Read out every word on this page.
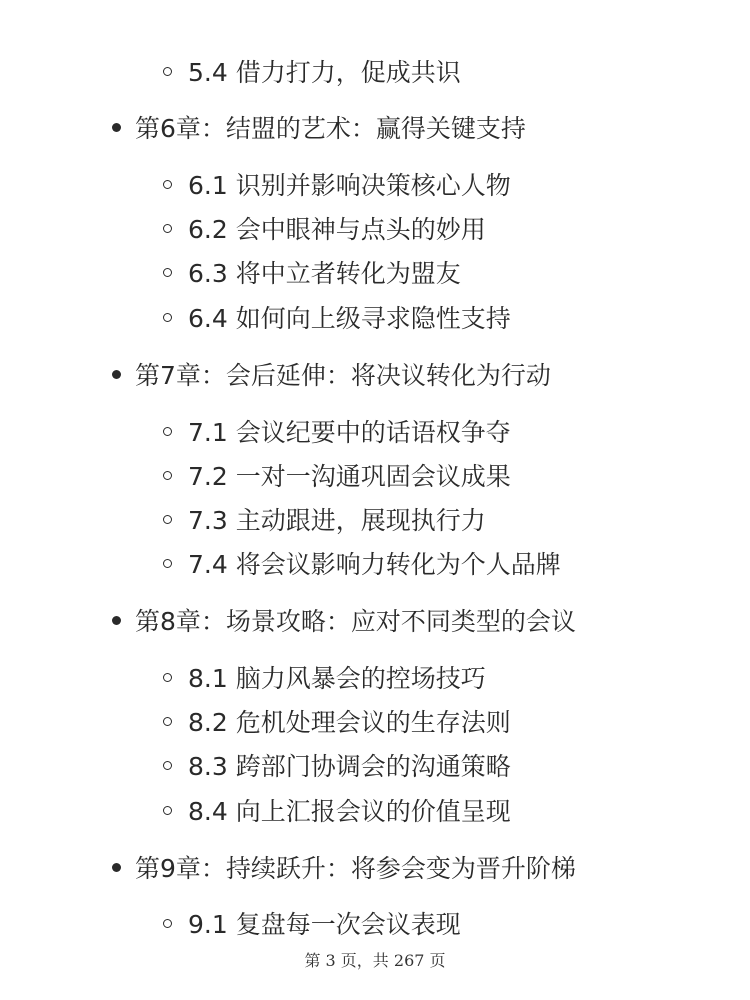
5.4 借力打力，促成共识
第6章：结盟的艺术：赢得关键支持
6.1 识别并影响决策核心人物
6.2 会中眼神与点头的妙用
6.3 将中立者转化为盟友
6.4 如何向上级寻求隐性支持
第7章：会后延伸：将决议转化为行动
7.1 会议纪要中的话语权争夺
7.2 一对一沟通巩固会议成果
7.3 主动跟进，展现执行力
7.4 将会议影响力转化为个人品牌
第8章：场景攻略：应对不同类型的会议
8.1 脑力风暴会的控场技巧
8.2 危机处理会议的生存法则
8.3 跨部门协调会的沟通策略
8.4 向上汇报会议的价值呈现
第9章：持续跃升：将参会变为晋升阶梯
9.1 复盘每一次会议表现
第 3 页，共 267 页
